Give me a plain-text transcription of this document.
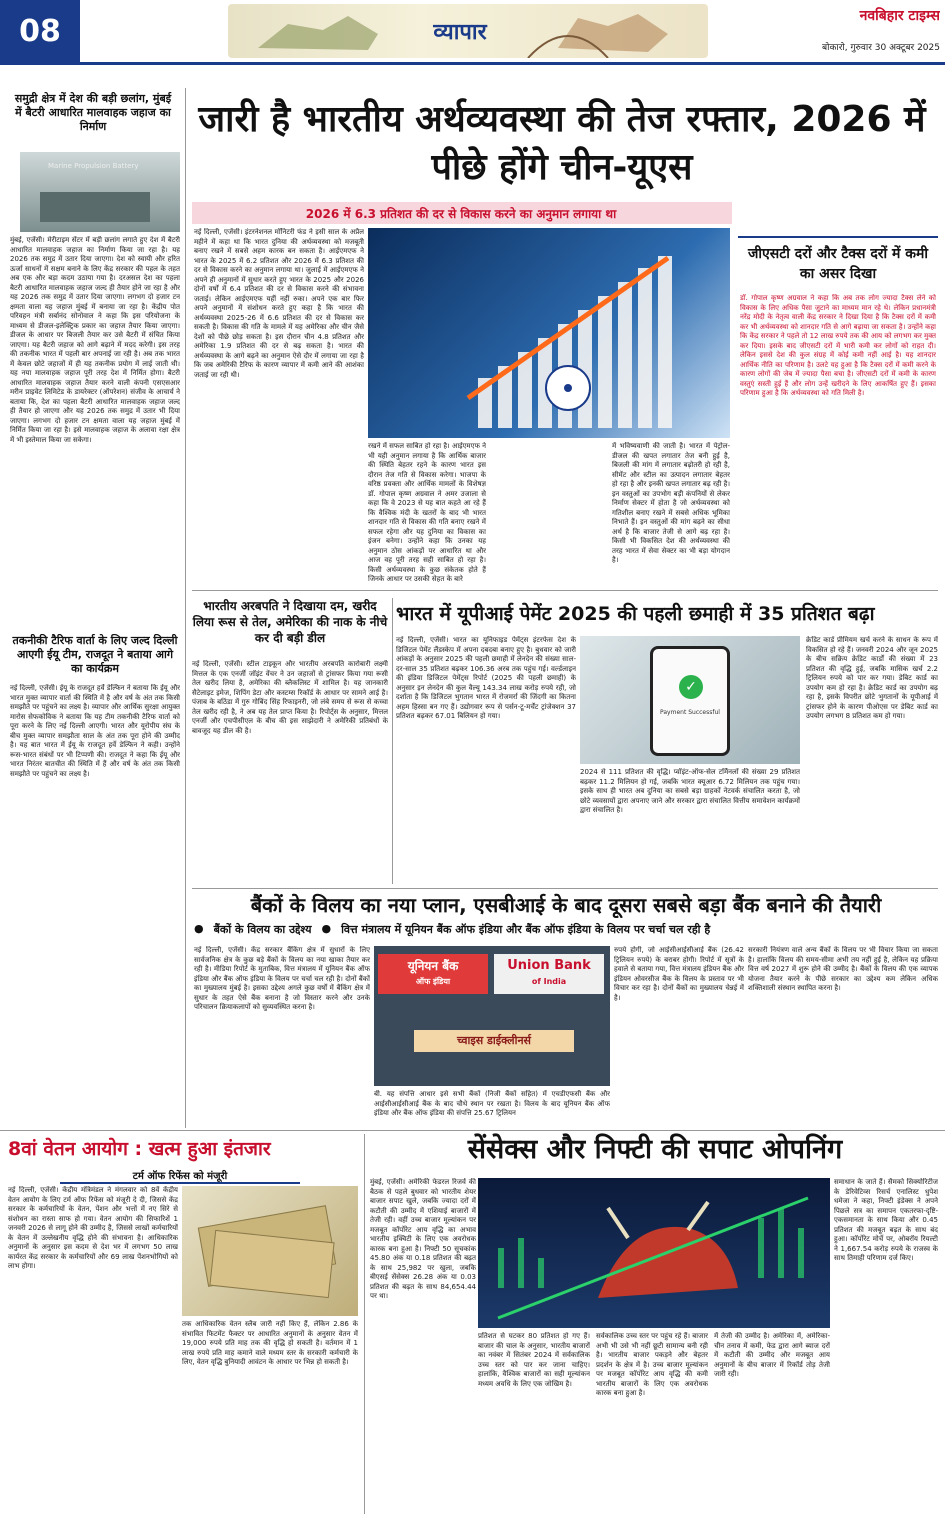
08	व्यापार
नवबिहार टाइम्स
बोकारो, गुरुवार 30 अक्टूबर 2025
समुद्री क्षेत्र में देश की बड़ी छलांग, मुंबई में बैटरी आधारित मालवाहक जहाज का निर्माण
Marine Propulsion Battery
मुंबई, एजेंसी। मेरीटाइम सेंटर में बड़ी छलांग लगाते हुए देश में बैटरी आधारित मालवाहक जहाज का निर्माण किया जा रहा है। यह 2026 तक समुद्र में उतार दिया जाएगा। देश को स्वायी और हरित ऊर्जा साधनों में सक्षम बनाने के लिए केंद्र सरकार की पहल के तहत अब एक और बड़ा कदम उठाया गया है। दरअसल देश का पहला बैटरी आधारित मालवाहक जहाज जल्द ही तैयार होने जा रहा है और यह 2026 तक समुद्र में उतार दिया जाएगा। लगभग दो हजार टन क्षमता वाला यह जहाज मुंबई में बनाया जा रहा है। केंद्रीय पोत परिवहन मंत्री सर्बानंद सोनोवाल ने कहा कि इस परियोजना के माध्यम से डीजल-इलेक्ट्रिक प्रकार का जहाज तैयार किया जाएगा। डीजल के आधार पर बिजली तैयार कर उसे बैटरी में संचित किया जाएगा। यह बैटरी जहाज को आगे बढ़ाने में मदद करेगी। इस तरह की तकनीक भारत में पहली बार अपनाई जा रही है। अब तक भारत में केवल छोटे जहाजों में ही यह तकनीक प्रयोग में लाई जाती थी। यह नया मालवाहक जहाज पूरी तरह देश में निर्मित होगा। बैटरी आधारित मालवाहक जहाज तैयार करने वाली कंपनी एसएसआर मरीन प्राइवेट लिमिटेड के डायरेक्टर (ऑपरेशन) संजीव के आचार्य ने बताया कि, देश का पहला बैटरी आधारित मालवाहक जहाज जल्द ही तैयार हो जाएगा और यह 2026 तक समुद्र में उतार भी दिया जाएगा। लगभग दो हजार टन क्षमता वाला यह जहाज मुंबई में निर्मित किया जा रहा है। इसे मालवाहक जहाज के अलावा रक्षा क्षेत्र में भी इस्तेमाल किया जा सकेगा।
तकनीकी टैरिफ वार्ता के लिए जल्द दिल्ली आएगी ईयू टीम, राजदूत ने बताया आगे का कार्यक्रम
नई दिल्ली, एजेंसी। ईयू के राजदूत हर्वे डेल्फिन ने बताया कि ईयू और भारत मुक्त व्यापार वार्ता की स्थिति में है और वर्ष के अंत तक किसी समझौते पर पहुंचने का लक्ष्य है। व्यापार और आर्थिक सुरक्षा आयुक्त मारोस सेफकोविक ने बताया कि यह टीम तकनीकी टैरिफ वार्ता को पूरा करने के लिए नई दिल्ली आएगी। भारत और यूरोपीय संघ के बीच मुक्त व्यापार समझौता साल के अंत तक पूरा होने की उम्मीद है। यह बात भारत में ईयू के राजदूत हर्वे डेल्फिन ने कही। उन्होंने रूस-भारत संबंधों पर भी टिप्पणी की। राजदूत ने कहा कि ईयू और भारत निरंतर बातचीत की स्थिति में हैं और वर्ष के अंत तक किसी समझौते पर पहुंचने का लक्ष्य है।
जारी है भारतीय अर्थव्यवस्था की तेज रफ्तार, 2026 में पीछे होंगे चीन-यूएस
2026 में 6.3 प्रतिशत की दर से विकास करने का अनुमान लगाया था
नई दिल्ली, एजेंसी। इंटरनेशनल मॉनिटरी फंड ने इसी साल के अप्रैल महीने में कहा था कि भारत दुनिया की अर्थव्यवस्था को मजबूती बनाए रखने में सबसे अहम कारक बन सकता है। आईएमएफ ने भारत के 2025 में 6.2 प्रतिशत और 2026 में 6.3 प्रतिशत की दर से विकास करने का अनुमान लगाया था। जुलाई में आईएमएफ ने अपने ही अनुमानों में सुधार करते हुए भारत के 2025 और 2026 दोनों वर्षों में 6.4 प्रतिशत की दर से विकास करने की संभावना जताई। लेकिन आईएमएफ यहीं नहीं रुका। अपने एक बार फिर अपने अनुमानों में संशोधन करते हुए कहा है कि भारत की अर्थव्यवस्था 2025-26 में 6.6 प्रतिशत की दर से विकास कर सकती है। विकास की गति के मामले में यह अमेरिका और चीन जैसे देशों को पीछे छोड़ सकता है। इस दौरान चीन 4.8 प्रतिशत और अमेरिका 1.9 प्रतिशत की दर से बढ़ सकता है। भारत की अर्थव्यवस्था के आगे बढ़ने का अनुमान ऐसे दौर में लगाया जा रहा है कि जब अमेरिकी टैरिफ के कारण व्यापार में कमी आने की आशंका जताई जा रही थी।
रखने में सफल साबित हो रहा है। आईएमएफ ने भी यही अनुमान लगाया है कि आर्थिक बाजार की स्थिति बेहतर रहने के कारण भारत इस दौरान तेज गति से विकास करेगा। भाजपा के वरिष्ठ प्रवक्ता और आर्थिक मामलों के विशेषज्ञ डॉ. गोपाल कृष्ण अग्रवाल ने अमर उजाला से कहा कि वे 2023 से यह बात कहते आ रहे हैं कि वैश्विक मंदी के खतरों के बाद भी भारत शानदार गति से विकास की गति बनाए रखने में सफल रहेगा और यह दुनिया का विकास का इंजन बनेगा। उन्होंने कहा कि उनका यह अनुमान ठोस आंकड़ों पर आधारित था और आज वह पूरी तरह सही साबित हो रहा है। किसी अर्थव्यवस्था के कुछ संकेतक होते हैं जिनके आधार पर उसकी सेहत के बारे
में भविष्यवाणी की जाती है। भारत में पेट्रोल-डीजल की खपत लगातार तेज बनी हुई है, बिजली की मांग में लगातार बढ़ोतरी हो रही है, सीमेंट और स्टील का उत्पादन लगातार बेहतर हो रहा है और इनकी खपत लगातार बढ़ रही है। इन वस्तुओं का उपभोग बड़ी कंपनियों से लेकर निर्माण सेक्टर में होता है जो अर्थव्यवस्था को गतिशील बनाए रखने में सबसे अधिक भूमिका निभाते हैं। इन वस्तुओं की मांग बढ़ने का सीधा अर्थ है कि बाजार तेजी से आगे बढ़ रहा है। किसी भी विकसित देश की अर्थव्यवस्था की तरह भारत में सेवा सेक्टर का भी बड़ा योगदान है।
जीएसटी दरों और टैक्स दरों में कमी का असर दिखा
डॉ. गोपाल कृष्ण अग्रवाल ने कहा कि अब तक लोग ज्यादा टैक्स लेने को विकास के लिए अधिक पैसा जुटाने का माध्यम मान रहे थे। लेकिन प्रधानमंत्री नरेंद्र मोदी के नेतृत्व वाली केंद्र सरकार ने दिखा दिया है कि टैक्स दरों में कमी कर भी अर्थव्यवस्था को शानदार गति से आगे बढ़ाया जा सकता है। उन्होंने कहा कि केंद्र सरकार ने पहले तो 12 लाख रुपये तक की आय को लगभग कर मुक्त कर दिया। इसके बाद जीएसटी दरों में भारी कमी कर लोगों को राहत दी। लेकिन इससे देश की कुल संग्रह में कोई कमी नहीं आई है। यह शानदार आर्थिक नीति का परिणाम है। उलटे यह हुआ है कि टैक्स दरों में कमी करने के कारण लोगों की जेब में ज्यादा पैसा बचा है। जीएसटी दरों में कमी के कारण वस्तुएं सस्ती हुई हैं और लोग उन्हें खरीदने के लिए आकर्षित हुए हैं। इसका परिणाम हुआ है कि अर्थव्यवस्था को गति मिली है।
भारतीय अरबपति ने दिखाया दम, खरीद लिया रूस से तेल, अमेरिका की नाक के नीचे कर दी बड़ी डील
नई दिल्ली, एजेंसी। स्टील टाइकून और भारतीय अरबपति कारोबारी लक्ष्मी मित्तल के एक एनर्जी जॉइंट वेंचर ने उन जहाजों से ट्रांसफर किया गया रूसी तेल खरीद लिया है, अमेरिका की ब्लैकलिस्ट में शामिल है। यह जानकारी सैटेलाइट इमेज, शिपिंग डेटा और कस्टम्स रिकॉर्ड के आधार पर सामने आई है। पंजाब के बठिंडा में गुरु गोबिंद सिंह रिफाइनरी, जो लंबे समय से रूस से कच्चा तेल खरीद रही है, ने अब यह तेल प्राप्त किया है। रिपोर्ट्स के अनुसार, मित्तल एनर्जी और एचपीसीएल के बीच की इस साझेदारी ने अमेरिकी प्रतिबंधों के बावजूद यह डील की है।
भारत में यूपीआई पेमेंट 2025 की पहली छमाही में 35 प्रतिशत बढ़ा
नई दिल्ली, एजेंसी। भारत का यूनिफाइड पेमेंट्स इंटरफेस देश के डिजिटल पेमेंट लैंडस्केप में अपना दबदबा बनाए हुए है। बुधवार को जारी आंकड़ों के अनुसार 2025 की पहली छमाही में लेनदेन की संख्या साल-दर-साल 35 प्रतिशत बढ़कर 106.36 अरब तक पहुंच गई। वर्ल्डलाइन की इंडिया डिजिटल पेमेंट्स रिपोर्ट (2025 की पहली छमाही) के अनुसार इन लेनदेन की कुल वैल्यू 143.34 लाख करोड़ रुपये रही, जो दर्शाता है कि डिजिटल भुगतान भारत में रोजमर्रा की जिंदगी का कितना अहम हिस्सा बन गए हैं। उद्योगवार रूप से पर्सन-टू-मर्चेंट ट्रांजेक्शन 37 प्रतिशत बढ़कर 67.01 बिलियन हो गया।
✓
Payment Successful
2024 से 111 प्रतिशत की वृद्धि। प्वॉइंट-ऑफ-सेल टर्मिनलों की संख्या 29 प्रतिशत बढ़कर 11.2 मिलियन हो गई, जबकि भारत क्यूआर 6.72 मिलियन तक पहुंच गया। इसके साथ ही भारत अब दुनिया का सबसे बड़ा ग्राहकों नेटवर्क संचालित करता है, जो छोटे व्यवसायों द्वारा अपनाए जाने और सरकार द्वारा संचालित वित्तीय समावेशन कार्यक्रमों द्वारा संचालित है।
क्रेडिट कार्ड प्रीमियम खर्च करने के साधन के रूप में विकसित हो रहे हैं। जनवरी 2024 और जून 2025 के बीच सक्रिय क्रेडिट कार्डों की संख्या में 23 प्रतिशत की वृद्धि हुई, जबकि मासिक खर्च 2.2 ट्रिलियन रुपये को पार कर गया। डेबिट कार्ड का उपयोग कम हो रहा है। क्रेडिट कार्ड का उपयोग बढ़ रहा है, इसके विपरीत छोटे भुगतानों के यूपीआई में ट्रांसफर होने के कारण पीओएस पर डेबिट कार्ड का उपयोग लगभग 8 प्रतिशत कम हो गया।
बैंकों के विलय का नया प्लान, एसबीआई के बाद दूसरा सबसे बड़ा बैंक बनाने की तैयारी
● बैंकों के विलय का उद्देश्य ● वित्त मंत्रालय में यूनियन बैंक ऑफ इंडिया और बैंक ऑफ इंडिया के विलय पर चर्चा चल रही है
नई दिल्ली, एजेंसी। केंद्र सरकार बैंकिंग क्षेत्र में सुधारों के लिए सार्वजनिक क्षेत्र के कुछ बड़े बैंकों के विलय का नया खाका तैयार कर रही है। मीडिया रिपोर्ट के मुताबिक, वित्त मंत्रालय में यूनियन बैंक ऑफ इंडिया और बैंक ऑफ इंडिया के विलय पर चर्चा चल रही है। दोनों बैंकों का मुख्यालय मुंबई है। इसका उद्देश्य अगले कुछ वर्षों में बैंकिंग क्षेत्र में सुधार के तहत ऐसे बैंक बनाना है जो विस्तार करने और उनके परिचालन क्रियाकलापों को सुव्यवस्थित करना है।
यूनियन बैंक
ऑफ इंडिया
Union Bank
of India
च्वाइस डाईक्लीनर्स
बी. यह संपत्ति आधार इसे सभी बैंकों (निजी बैंकों सहित) में एचडीएफसी बैंक और आईसीआईसीआई बैंक के बाद चौथे स्थान पर रखता है। विलय के बाद यूनियन बैंक ऑफ इंडिया और बैंक ऑफ इंडिया की संपत्ति 25.67 ट्रिलियन
रुपये होगी, जो आईसीआईसीआई बैंक (26.42 ट्रिलियन रुपये) के बराबर होगी। रिपोर्ट में सूत्रों के हवाले से बताया गया, वित्त मंत्रालय इंडियन बैंक और इंडियन ओवरसीज बैंक के विलय के प्रस्ताव पर भी विचार कर रहा है। दोनों बैंकों का मुख्यालय चेन्नई में है।
सरकारी नियंत्रण वाले अन्य बैंकों के विलय पर भी विचार किया जा सकता है। हालांकि विलय की समय-सीमा अभी तय नहीं हुई है, लेकिन यह प्रक्रिया वित्त वर्ष 2027 में शुरू होने की उम्मीद है। बैंकों के विलय की एक व्यापक योजना तैयार करने के पीछे सरकार का उद्देश्य कम लेकिन अधिक शक्तिशाली संस्थान स्थापित करना है।
8वां वेतन आयोग : खत्म हुआ इंतजार
टर्म ऑफ रिफेंस को मंजूरी
नई दिल्ली, एजेंसी। केंद्रीय मंत्रिमंडल ने मंगलवार को 8वें केंद्रीय वेतन आयोग के लिए टर्म ऑफ रिफेंस को मंजूरी दे दी, जिससे केंद्र सरकार के कर्मचारियों के वेतन, पेंशन और भत्तों में नए सिरे से संशोधन का रास्ता साफ हो गया। वेतन आयोग की सिफारिशें 1 जनवरी 2026 से लागू होने की उम्मीद है, जिससे लाखों कर्मचारियों के वेतन में उल्लेखनीय वृद्धि होने की संभावना है। आधिकारिक अनुमानों के अनुसार इस कदम से देश भर में लगभग 50 लाख कार्यरत केंद्र सरकार के कर्मचारियों और 69 लाख पेंशनभोगियों को लाभ होगा।
तक आधिकारिक वेतन स्लैब जारी नहीं किए हैं, लेकिन 2.86 के संभावित फिटमेंट फैक्टर पर आधारित अनुमानों के अनुसार वेतन में 19,000 रुपये प्रति माह तक की वृद्धि हो सकती है। वर्तमान में 1 लाख रुपये प्रति माह कमाने वाले मध्यम स्तर के सरकारी कर्मचारी के लिए, वेतन वृद्धि बुनियादी आवंटन के आधार पर भिन्न हो सकती है।
सेंसेक्स और निफ्टी की सपाट ओपनिंग
मुंबई, एजेंसी। अमेरिकी फेडरल रिजर्व की बैठक से पहले बुधवार को भारतीय शेयर बाजार सपाट खुले, जबकि ज्यादा दरों में कटौती की उम्मीद में एशियाई बाजारों में तेजी रही। वहीं उच्च बाजार मूल्यांकन पर मजबूत कॉर्पोरेट आय वृद्धि का अभाव भारतीय इक्विटी के लिए एक अवरोधक कारक बना हुआ है। निफ्टी 50 सूचकांक 45.80 अंक या 0.18 प्रतिशत की बढ़त के साथ 25,982 पर खुला, जबकि बीएसई सेंसेक्स 26.28 अंक या 0.03 प्रतिशत की बढ़त के साथ 84,654.44 पर था।
प्रतिशत से घटकर 80 प्रतिशत हो गए हैं। बाजार की चाल के अनुसार, भारतीय बाजारों का नवंबर में सितंबर 2024 में सर्वकालिक उच्च स्तर को पार कर जाना चाहिए। हालांकि, वैश्विक बाजारों का सही मूल्यांकन मध्यम अवधि के लिए एक जोखिम है।
सर्वकालिक उच्च स्तर पर पहुंच रहे हैं। बाजार अभी भी उसे भी नहीं छूटी सामान्य बनी रही है। भारतीय बाजार पकड़ने और बेहतर प्रदर्शन के क्षेत्र में है। उच्च बाजार मूल्यांकन पर मजबूत कॉर्पोरेट आय वृद्धि की कमी भारतीय बाजारों के लिए एक अवरोधक कारक बना हुआ है।
में तेजी की उम्मीद है। अमेरिका में, अमेरिका-चीन तनाव में कमी, फेड द्वारा आगे ब्याज दरों में कटौती की उम्मीद और मजबूत आय अनुमानों के बीच बाजार में रिकॉर्ड तोड़ तेजी जारी रही।
समाधान के जाते हैं। सैमको सिक्योरिटीज के डेरिवेटिव्स रिसर्च एनालिस्ट धुपेश धमेजा ने कहा, निफ्टी इंडेक्स ने अपने पिछले सत्र का समापन एकतरफा-दृष्टि-एकसमानता के साथ किया और 0.45 प्रतिशत की मजबूत बढ़त के साथ बंद हुआ। कॉर्पोरेट मोर्चे पर, ओबरॉय रियल्टी ने 1,667.54 करोड़ रुपये के राजस्व के साथ तिमाही परिणाम दर्ज किए।
